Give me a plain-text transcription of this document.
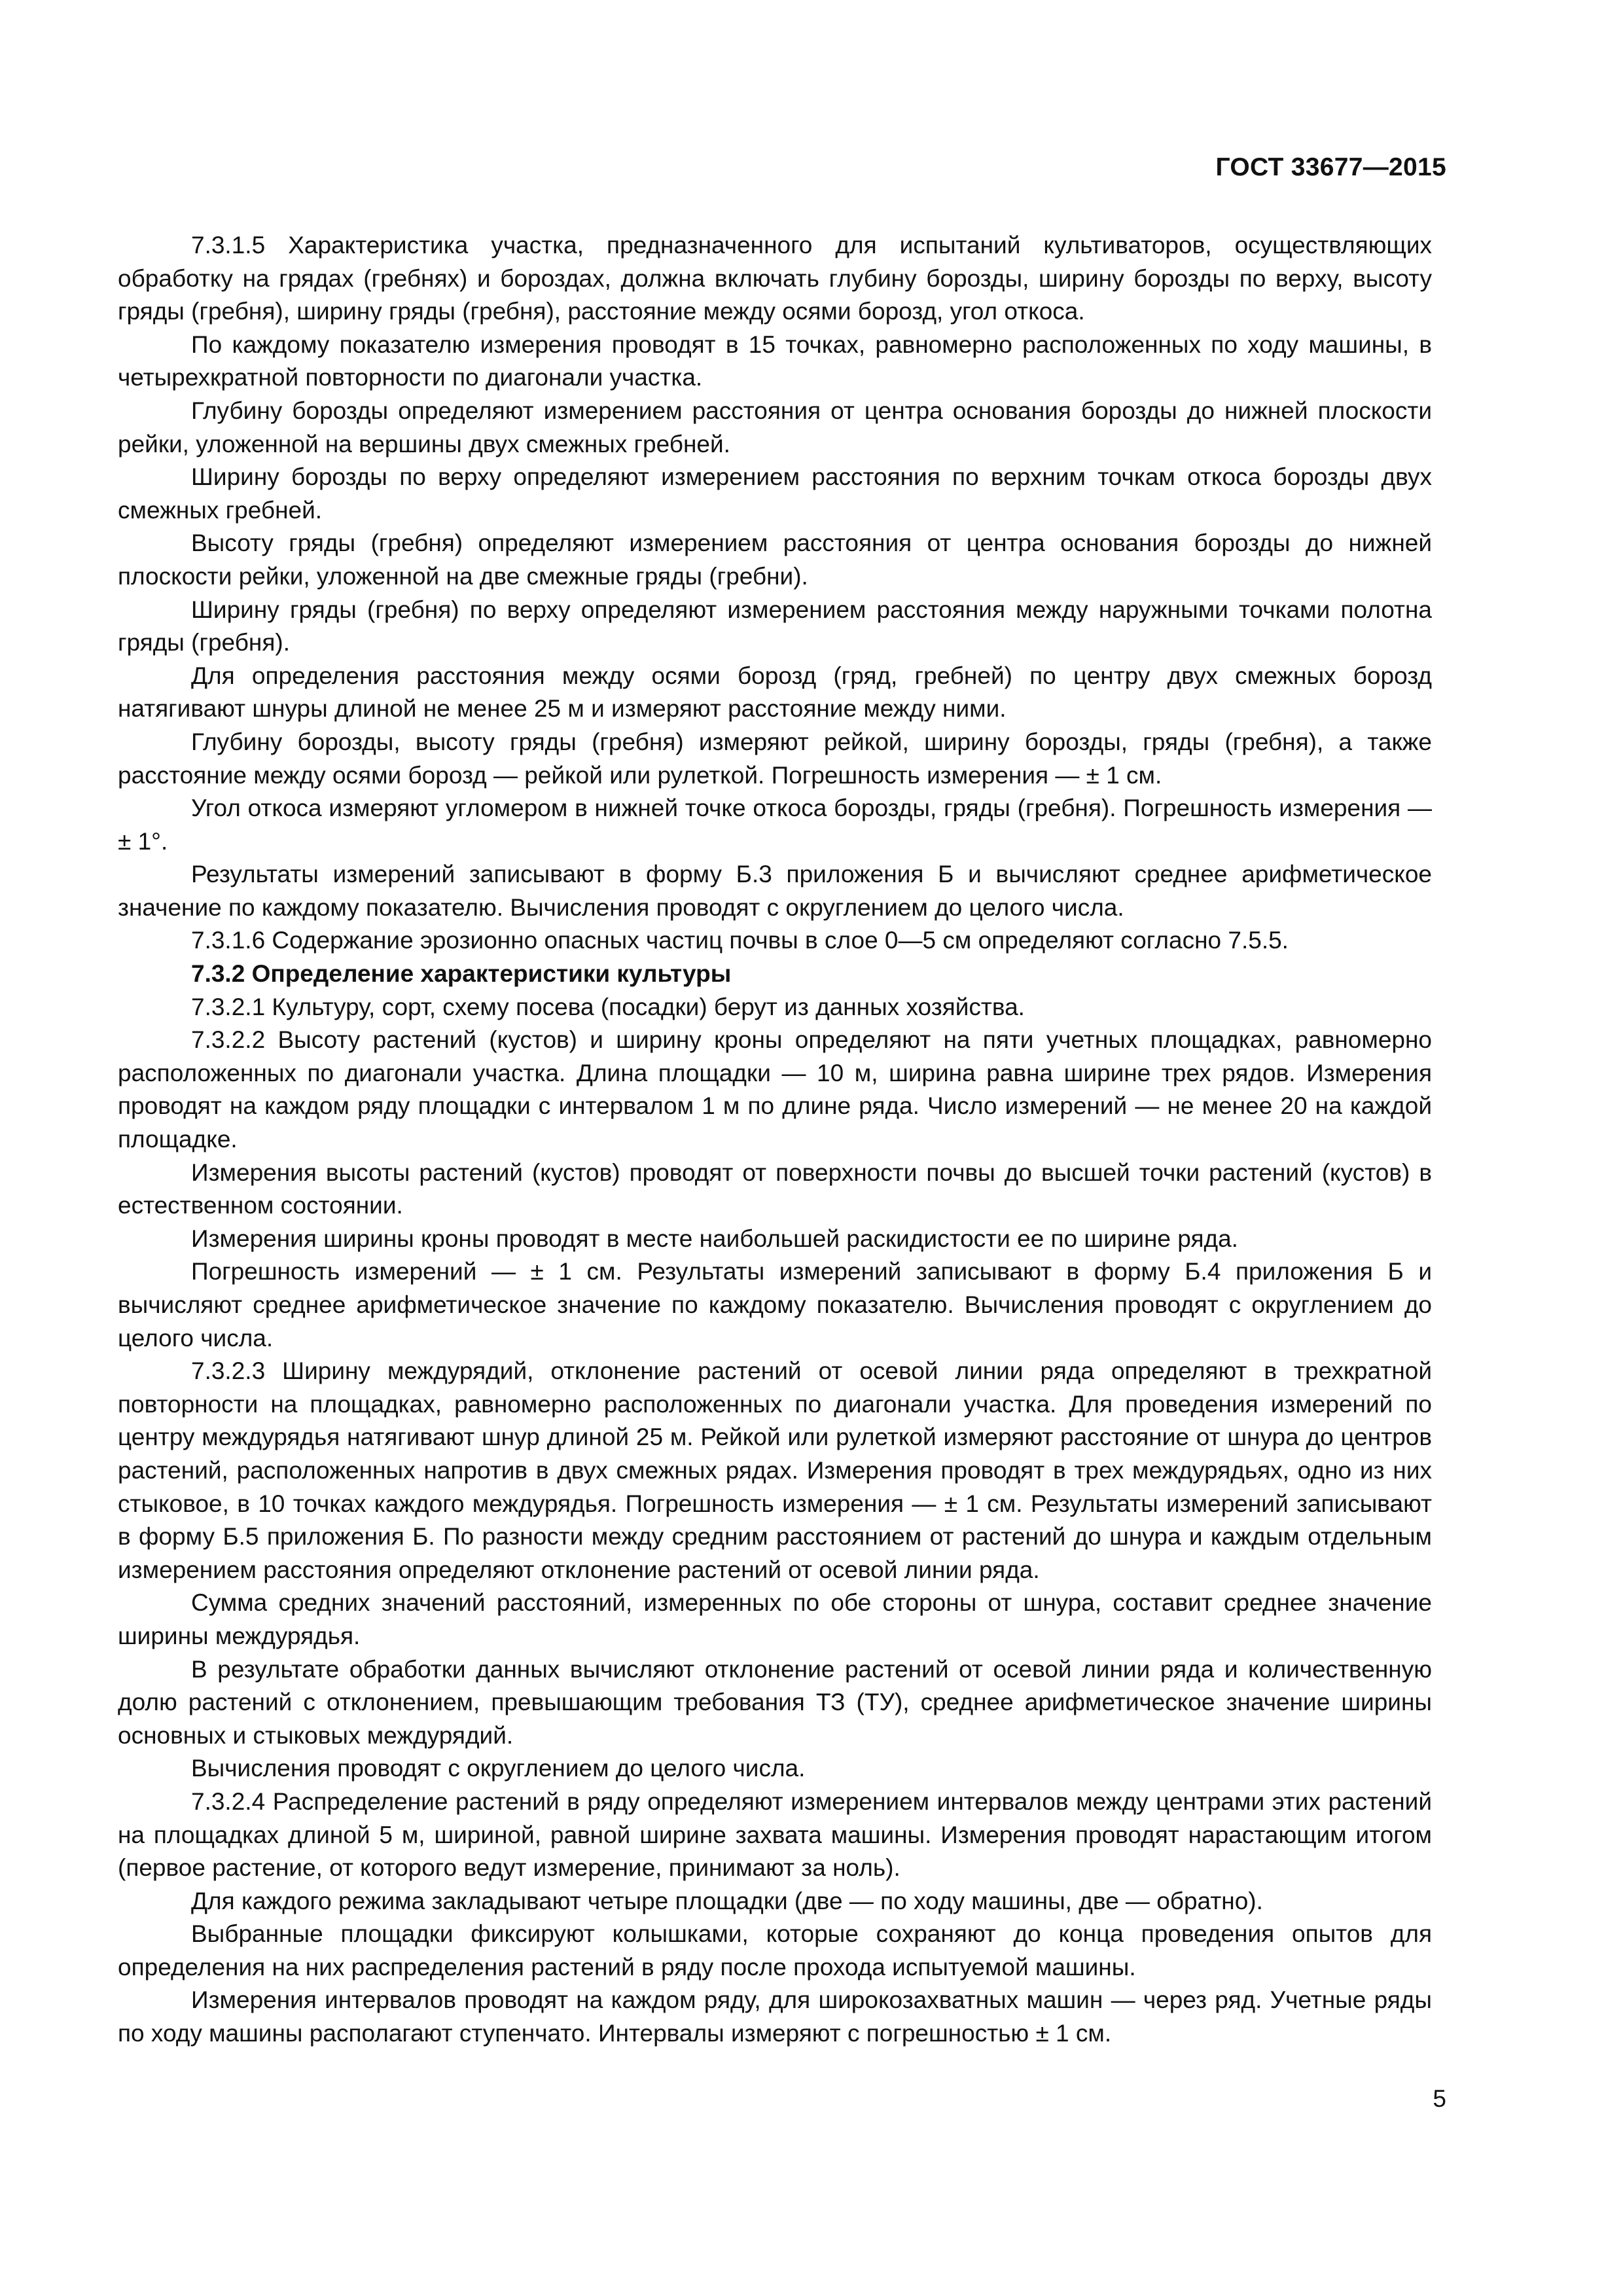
ГОСТ 33677—2015

7.3.1.5 Характеристика участка, предназначенного для испытаний культиваторов, осуществляющих обработку на грядах (гребнях) и бороздах, должна включать глубину борозды, ширину борозды по верху, высоту гряды (гребня), ширину гряды (гребня), расстояние между осями борозд, угол откоса.

По каждому показателю измерения проводят в 15 точках, равномерно расположенных по ходу машины, в четырехкратной повторности по диагонали участка.

Глубину борозды определяют измерением расстояния от центра основания борозды до нижней плоскости рейки, уложенной на вершины двух смежных гребней.

Ширину борозды по верху определяют измерением расстояния по верхним точкам откоса борозды двух смежных гребней.

Высоту гряды (гребня) определяют измерением расстояния от центра основания борозды до нижней плоскости рейки, уложенной на две смежные гряды (гребни).

Ширину гряды (гребня) по верху определяют измерением расстояния между наружными точками полотна гряды (гребня).

Для определения расстояния между осями борозд (гряд, гребней) по центру двух смежных борозд натягивают шнуры длиной не менее 25 м и измеряют расстояние между ними.

Глубину борозды, высоту гряды (гребня) измеряют рейкой, ширину борозды, гряды (гребня), а также расстояние между осями борозд — рейкой или рулеткой. Погрешность измерения — ± 1 см.

Угол откоса измеряют угломером в нижней точке откоса борозды, гряды (гребня). Погрешность измерения — ± 1°.

Результаты измерений записывают в форму Б.3 приложения Б и вычисляют среднее арифметическое значение по каждому показателю. Вычисления проводят с округлением до целого числа.

7.3.1.6 Содержание эрозионно опасных частиц почвы в слое 0—5 см определяют согласно 7.5.5.

7.3.2 Определение характеристики культуры

7.3.2.1 Культуру, сорт, схему посева (посадки) берут из данных хозяйства.

7.3.2.2 Высоту растений (кустов) и ширину кроны определяют на пяти учетных площадках, равномерно расположенных по диагонали участка. Длина площадки — 10 м, ширина равна ширине трех рядов. Измерения проводят на каждом ряду площадки с интервалом 1 м по длине ряда. Число измерений — не менее 20 на каждой площадке.

Измерения высоты растений (кустов) проводят от поверхности почвы до высшей точки растений (кустов) в естественном состоянии.

Измерения ширины кроны проводят в месте наибольшей раскидистости ее по ширине ряда.

Погрешность измерений — ± 1 см. Результаты измерений записывают в форму Б.4 приложения Б и вычисляют среднее арифметическое значение по каждому показателю. Вычисления проводят с округлением до целого числа.

7.3.2.3 Ширину междурядий, отклонение растений от осевой линии ряда определяют в трехкратной повторности на площадках, равномерно расположенных по диагонали участка. Для проведения измерений по центру междурядья натягивают шнур длиной 25 м. Рейкой или рулеткой измеряют расстояние от шнура до центров растений, расположенных напротив в двух смежных рядах. Измерения проводят в трех междурядьях, одно из них стыковое, в 10 точках каждого междурядья. Погрешность измерения — ± 1 см. Результаты измерений записывают в форму Б.5 приложения Б. По разности между средним расстоянием от растений до шнура и каждым отдельным измерением расстояния определяют отклонение растений от осевой линии ряда.

Сумма средних значений расстояний, измеренных по обе стороны от шнура, составит среднее значение ширины междурядья.

В результате обработки данных вычисляют отклонение растений от осевой линии ряда и количественную долю растений с отклонением, превышающим требования ТЗ (ТУ), среднее арифметическое значение ширины основных и стыковых междурядий.

Вычисления проводят с округлением до целого числа.

7.3.2.4 Распределение растений в ряду определяют измерением интервалов между центрами этих растений на площадках длиной 5 м, шириной, равной ширине захвата машины. Измерения проводят нарастающим итогом (первое растение, от которого ведут измерение, принимают за ноль).

Для каждого режима закладывают четыре площадки (две — по ходу машины, две — обратно).

Выбранные площадки фиксируют колышками, которые сохраняют до конца проведения опытов для определения на них распределения растений в ряду после прохода испытуемой машины.

Измерения интервалов проводят на каждом ряду, для широкозахватных машин — через ряд. Учетные ряды по ходу машины располагают ступенчато. Интервалы измеряют с погрешностью ± 1 см.

5
